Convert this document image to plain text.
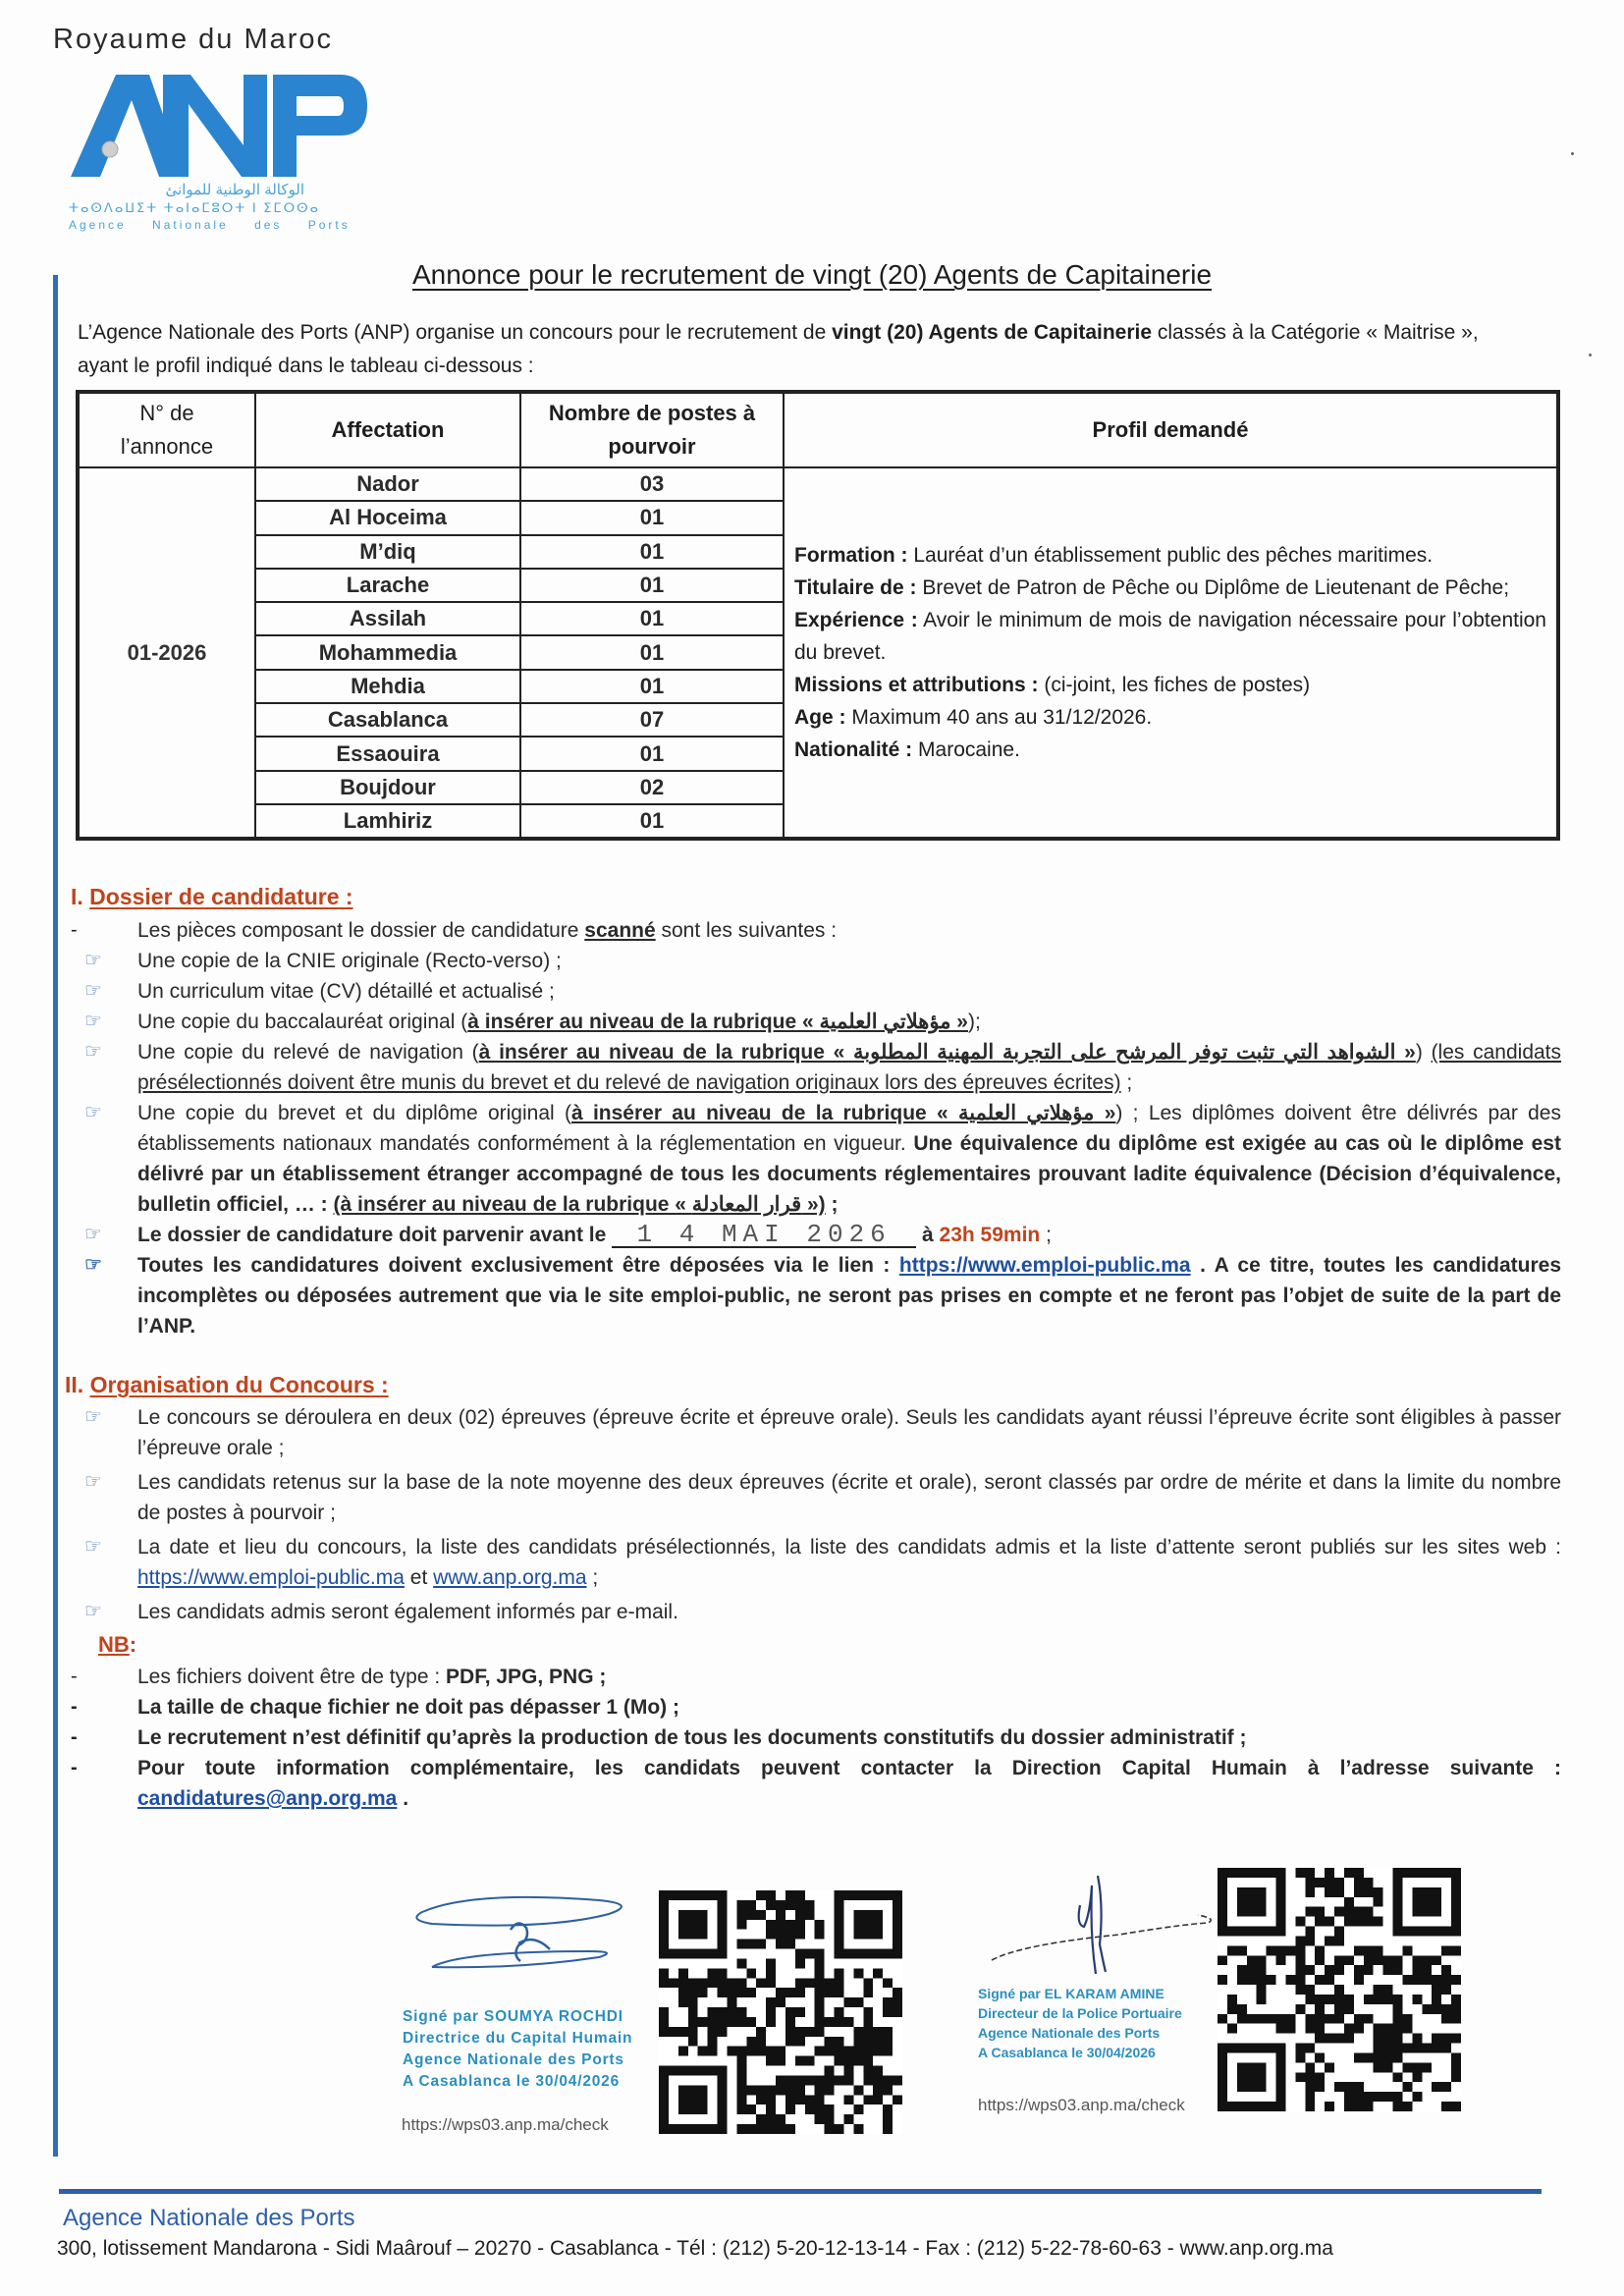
Royaume du Maroc
الوكالة الوطنية للموانئ
ⵜⴰⵙⴷⴰⵡⵉⵜ ⵜⴰⵏⴰⵎⵓⵔⵜ ⵏ ⵉⵎⵔⵙⴰ
Agence Nationale des Ports
Annonce pour le recrutement de vingt (20) Agents de Capitainerie
L’Agence Nationale des Ports (ANP) organise un concours pour le recrutement de vingt (20) Agents de Capitainerie classés à la Catégorie « Maitrise »,
ayant le profil indiqué dans le tableau ci-dessous :
N° de l’annonce	Affectation	Nombre de postes à pourvoir	Profil demandé
01-2026	Nador	03	

Formation : Lauréat d’un établissement public des pêches maritimes.

Titulaire de : Brevet de Patron de Pêche ou Diplôme de Lieutenant de Pêche;

Expérience : Avoir le minimum de mois de navigation nécessaire pour l’obtention du brevet.

Missions et attributions : (ci-joint, les fiches de postes)

Age : Maximum 40 ans au 31/12/2026.

Nationalité : Marocaine.

	Al Hoceima	01	
	M’diq	01	
	Larache	01	
	Assilah	01	
	Mohammedia	01	
	Mehdia	01	
	Casablanca	07	
	Essaouira	01	
	Boujdour	02	
	Lamhiriz	01	
I. Dossier de candidature :
-	Les pièces composant le dossier de candidature scanné sont les suivantes :
☞	Une copie de la CNIE originale (Recto-verso) ;
☞	Un curriculum vitae (CV) détaillé et actualisé ;
☞	Une copie du baccalauréat original (à insérer au niveau de la rubrique « مؤهلاتي العلمية »);
☞	Une copie du relevé de navigation (à insérer au niveau de la rubrique « الشواهد التي تثبت توفر المرشح على التجربة المهنية المطلوبة ») (les candidats présélectionnés doivent être munis du brevet et du relevé de navigation originaux lors des épreuves écrites) ;
☞	Une copie du brevet et du diplôme original (à insérer au niveau de la rubrique « مؤهلاتي العلمية ») ; Les diplômes doivent être délivrés par des établissements nationaux mandatés conformément à la réglementation en vigueur. Une équivalence du diplôme est exigée au cas où le diplôme est délivré par un établissement étranger accompagné de tous les documents réglementaires prouvant ladite équivalence (Décision d’équivalence, bulletin officiel, … : (à insérer au niveau de la rubrique « قرار المعادلة ») ;
☞	Le dossier de candidature doit parvenir avant le 1 4 MAI 2026 à 23h 59min ;
☞	Toutes les candidatures doivent exclusivement être déposées via le lien : https://www.emploi-public.ma . A ce titre, toutes les candidatures incomplètes ou déposées autrement que via le site emploi-public, ne seront pas prises en compte et ne feront pas l’objet de suite de la part de l’ANP.
II. Organisation du Concours :
☞	Le concours se déroulera en deux (02) épreuves (épreuve écrite et épreuve orale). Seuls les candidats ayant réussi l’épreuve écrite sont éligibles à passer l’épreuve orale ;
☞	Les candidats retenus sur la base de la note moyenne des deux épreuves (écrite et orale), seront classés par ordre de mérite et dans la limite du nombre de postes à pourvoir ;
☞	La date et lieu du concours, la liste des candidats présélectionnés, la liste des candidats admis et la liste d’attente seront publiés sur les sites web : https://www.emploi-public.ma et www.anp.org.ma ;
☞	Les candidats admis seront également informés par e-mail.
NB:
-	Les fichiers doivent être de type : PDF, JPG, PNG ;
-	La taille de chaque fichier ne doit pas dépasser 1 (Mo) ;
-	Le recrutement n’est définitif qu’après la production de tous les documents constitutifs du dossier administratif ;
-	Pour toute information complémentaire, les candidats peuvent contacter la Direction Capital Humain à l’adresse suivante : candidatures@anp.org.ma .
Signé par SOUMYA ROCHDI
Directrice du Capital Humain
Agence Nationale des Ports
A Casablanca le 30/04/2026
https://wps03.anp.ma/check
Signé par EL KARAM AMINE
Directeur de la Police Portuaire
Agence Nationale des Ports
A Casablanca le 30/04/2026
https://wps03.anp.ma/check
Agence Nationale des Ports
300, lotissement Mandarona - Sidi Maârouf – 20270 - Casablanca - Tél : (212) 5-20-12-13-14 - Fax : (212) 5-22-78-60-63 - www.anp.org.ma
